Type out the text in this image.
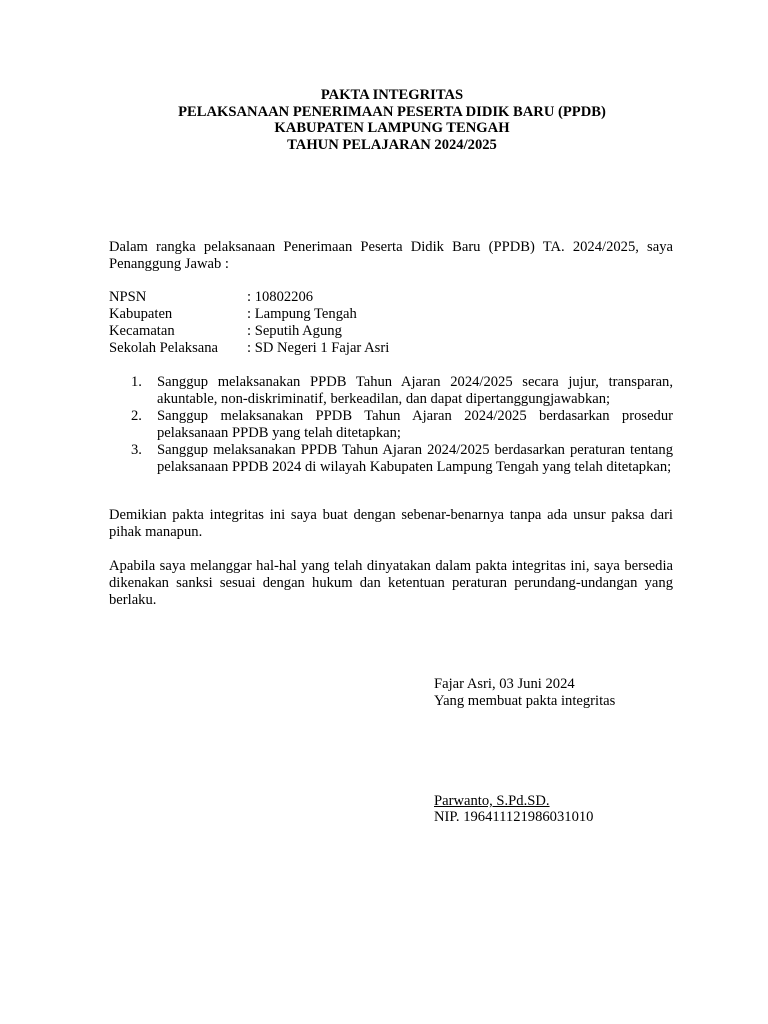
PAKTA INTEGRITAS
PELAKSANAAN PENERIMAAN PESERTA DIDIK BARU (PPDB)
KABUPATEN LAMPUNG TENGAH
TAHUN PELAJARAN 2024/2025
Dalam rangka pelaksanaan Penerimaan Peserta Didik Baru (PPDB) TA. 2024/2025, saya Penanggung Jawab :
NPSN	: 10802206
Kabupaten	: Lampung Tengah
Kecamatan	: Seputih Agung
Sekolah Pelaksana	: SD Negeri 1 Fajar Asri
1. Sanggup melaksanakan PPDB Tahun Ajaran 2024/2025 secara jujur, transparan, akuntable, non-diskriminatif, berkeadilan, dan dapat dipertanggungjawabkan;
2. Sanggup melaksanakan PPDB Tahun Ajaran 2024/2025 berdasarkan prosedur pelaksanaan PPDB yang telah ditetapkan;
3. Sanggup melaksanakan PPDB Tahun Ajaran 2024/2025 berdasarkan peraturan tentang pelaksanaan PPDB 2024 di wilayah Kabupaten Lampung Tengah yang telah ditetapkan;
Demikian pakta integritas ini saya buat dengan sebenar-benarnya tanpa ada unsur paksa dari pihak manapun.
Apabila saya melanggar hal-hal yang telah dinyatakan dalam pakta integritas ini, saya bersedia dikenakan sanksi sesuai dengan hukum dan ketentuan peraturan perundang-undangan yang berlaku.
Fajar Asri, 03 Juni 2024
Yang membuat pakta integritas
Parwanto, S.Pd.SD.
NIP. 196411121986031010
